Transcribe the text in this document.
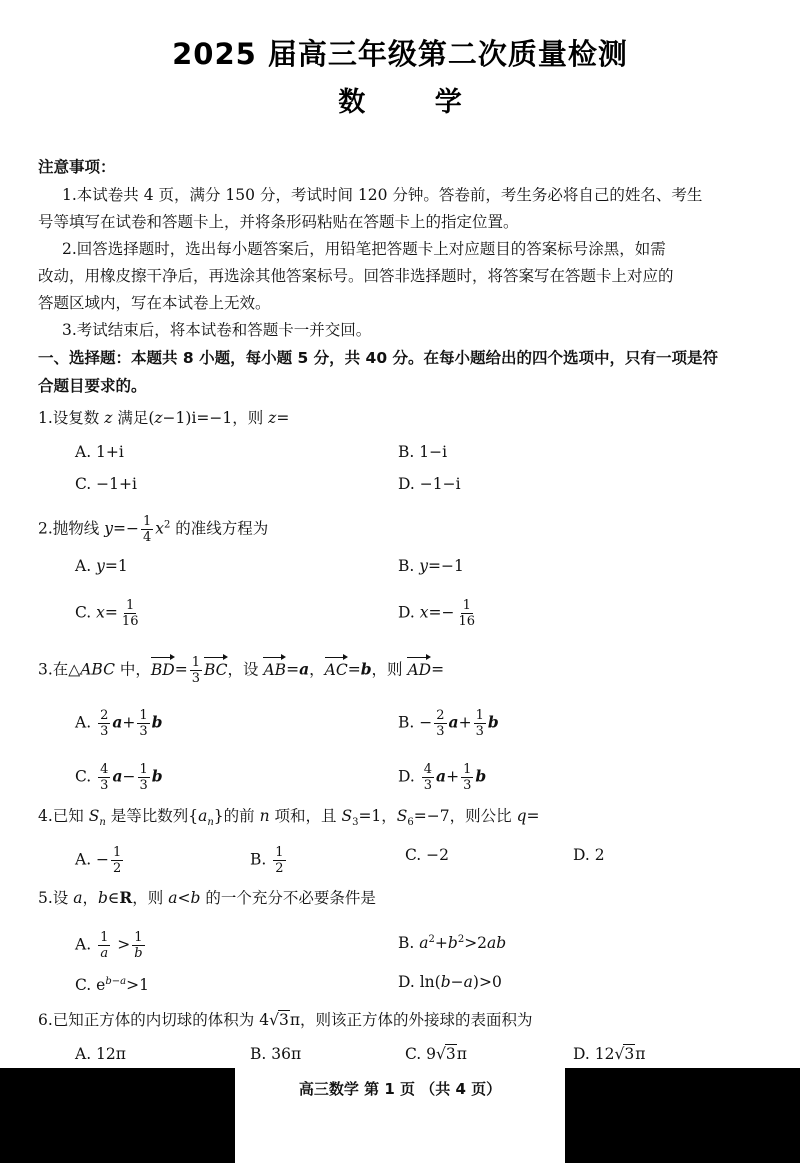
2025 届高三年级第二次质量检测
数 学
注意事项：
1.本试卷共 4 页，满分 150 分，考试时间 120 分钟。答卷前，考生务必将自己的姓名、考生
号等填写在试卷和答题卡上，并将条形码粘贴在答题卡上的指定位置。
2.回答选择题时，选出每小题答案后，用铅笔把答题卡上对应题目的答案标号涂黑，如需
改动，用橡皮擦干净后，再选涂其他答案标号。回答非选择题时，将答案写在答题卡上对应的
答题区域内，写在本试卷上无效。
3.考试结束后，将本试卷和答题卡一并交回。
一、选择题：本题共 8 小题，每小题 5 分，共 40 分。在每小题给出的四个选项中，只有一项是符
合题目要求的。
1.设复数 z 满足(z−1)i=−1，则 z=
A. 1+i	B. 1−i
C. −1+i	D. −1−i
2.抛物线 $y=- \frac{1}{4} x^2$ 的准线方程为
A. y=1	B. y=−1
C. $x= \frac{1}{16}$	D. $x=- \frac{1}{16}$
3.在△ABC 中，$BD= \frac{1}{3}$ BC，设 AB=a，AC=b，则 AD=
A. $\frac{2}{3} a+ \frac{1}{3}$ b	B. − $\frac{2}{3} a+ \frac{1}{3}$ b
C. $\frac{4}{3} a- \frac{1}{3}$ b	D. $\frac{4}{3} a+ \frac{1}{3}$ b
4.已知 $S_n$ 是等比数列$\{a_n\}$的前 n 项和，且 $S_3=1$，$S_6=-7$，则公比 q=
A. − $\frac{1}{2}$	B. $\frac{1}{2}$	C. −2	D. 2
5.设 a，b∈R，则 a<b 的一个充分不必要条件是
A. $\frac{1}{a} > \frac{1}{b}$	B. $a^2+b^2>2ab$
C. $e^{b-a}>1$	D. ln(b−a)>0
6.已知正方体的内切球的体积为 4√3π，则该正方体的外接球的表面积为
A. 12π	B. 36π	C. 9√3π	D. 12√3π
高三数学 第 1 页 （共 4 页）
